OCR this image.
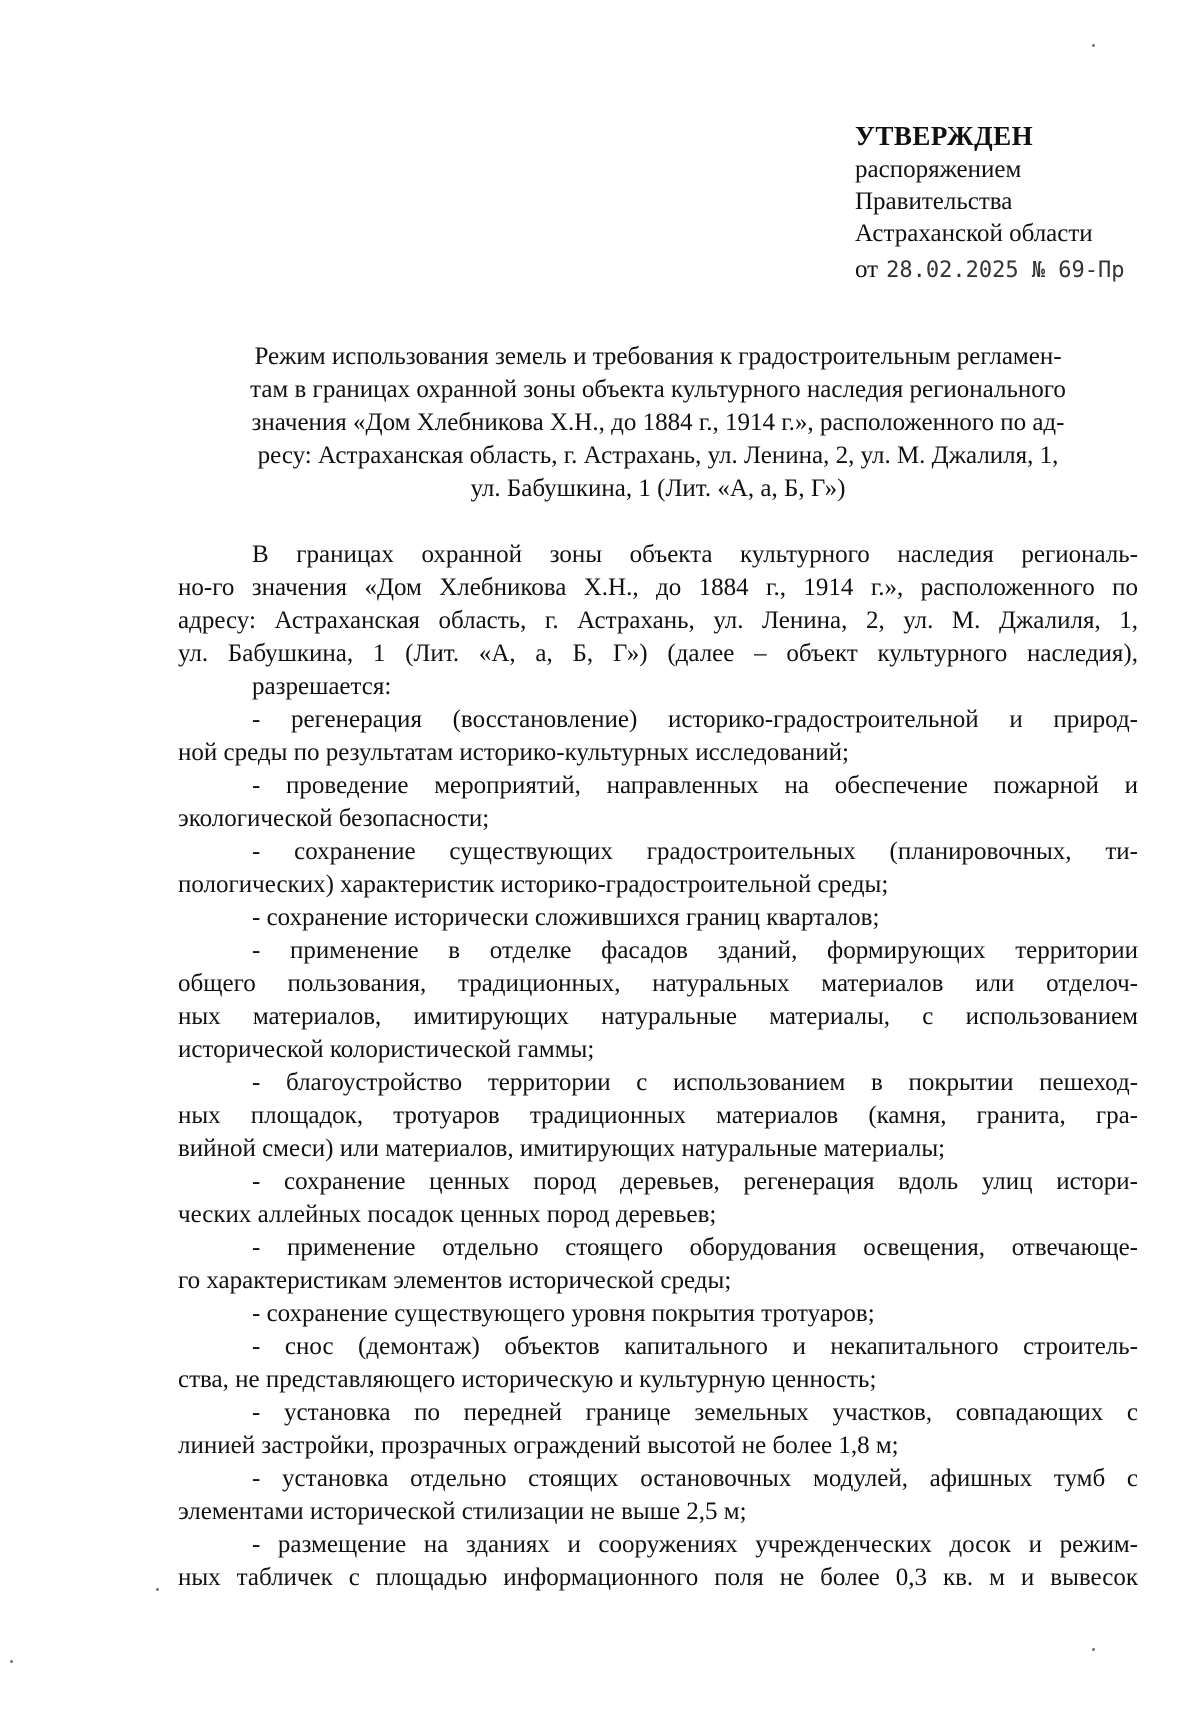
УТВЕРЖДЕН
распоряжением
Правительства
Астраханской области
от 28.02.2025 № 69-Пр
Режим использования земель и требования к градостроительным регламен-
там в границах охранной зоны объекта культурного наследия регионального
значения «Дом Хлебникова Х.Н., до 1884 г., 1914 г.», расположенного по ад-
ресу: Астраханская область, г. Астрахань, ул. Ленина, 2, ул. М. Джалиля, 1,
ул. Бабушкина, 1 (Лит. «А, а, Б, Г»)
В границах охранной зоны объекта культурного наследия региональ-
но-го значения «Дом Хлебникова Х.Н., до 1884 г., 1914 г.», расположенного по
адресу: Астраханская область, г. Астрахань, ул. Ленина, 2, ул. М. Джалиля, 1,
ул. Бабушкина, 1 (Лит. «А, а, Б, Г») (далее – объект культурного наследия),
разрешается:
- регенерация (восстановление) историко-градостроительной и природ-
ной среды по результатам историко-культурных исследований;
- проведение мероприятий, направленных на обеспечение пожарной и
экологической безопасности;
- сохранение существующих градостроительных (планировочных, ти-
пологических) характеристик историко-градостроительной среды;
- сохранение исторически сложившихся границ кварталов;
- применение в отделке фасадов зданий, формирующих территории
общего пользования, традиционных, натуральных материалов или отделоч-
ных материалов, имитирующих натуральные материалы, с использованием
исторической колористической гаммы;
- благоустройство территории с использованием в покрытии пешеход-
ных площадок, тротуаров традиционных материалов (камня, гранита, гра-
вийной смеси) или материалов, имитирующих натуральные материалы;
- сохранение ценных пород деревьев, регенерация вдоль улиц истори-
ческих аллейных посадок ценных пород деревьев;
- применение отдельно стоящего оборудования освещения, отвечающе-
го характеристикам элементов исторической среды;
- сохранение существующего уровня покрытия тротуаров;
- снос (демонтаж) объектов капитального и некапитального строитель-
ства, не представляющего историческую и культурную ценность;
- установка по передней границе земельных участков, совпадающих с
линией застройки, прозрачных ограждений высотой не более 1,8 м;
- установка отдельно стоящих остановочных модулей, афишных тумб с
элементами исторической стилизации не выше 2,5 м;
- размещение на зданиях и сооружениях учрежденческих досок и режим-
ных табличек с площадью информационного поля не более 0,3 кв. м и вывесок
